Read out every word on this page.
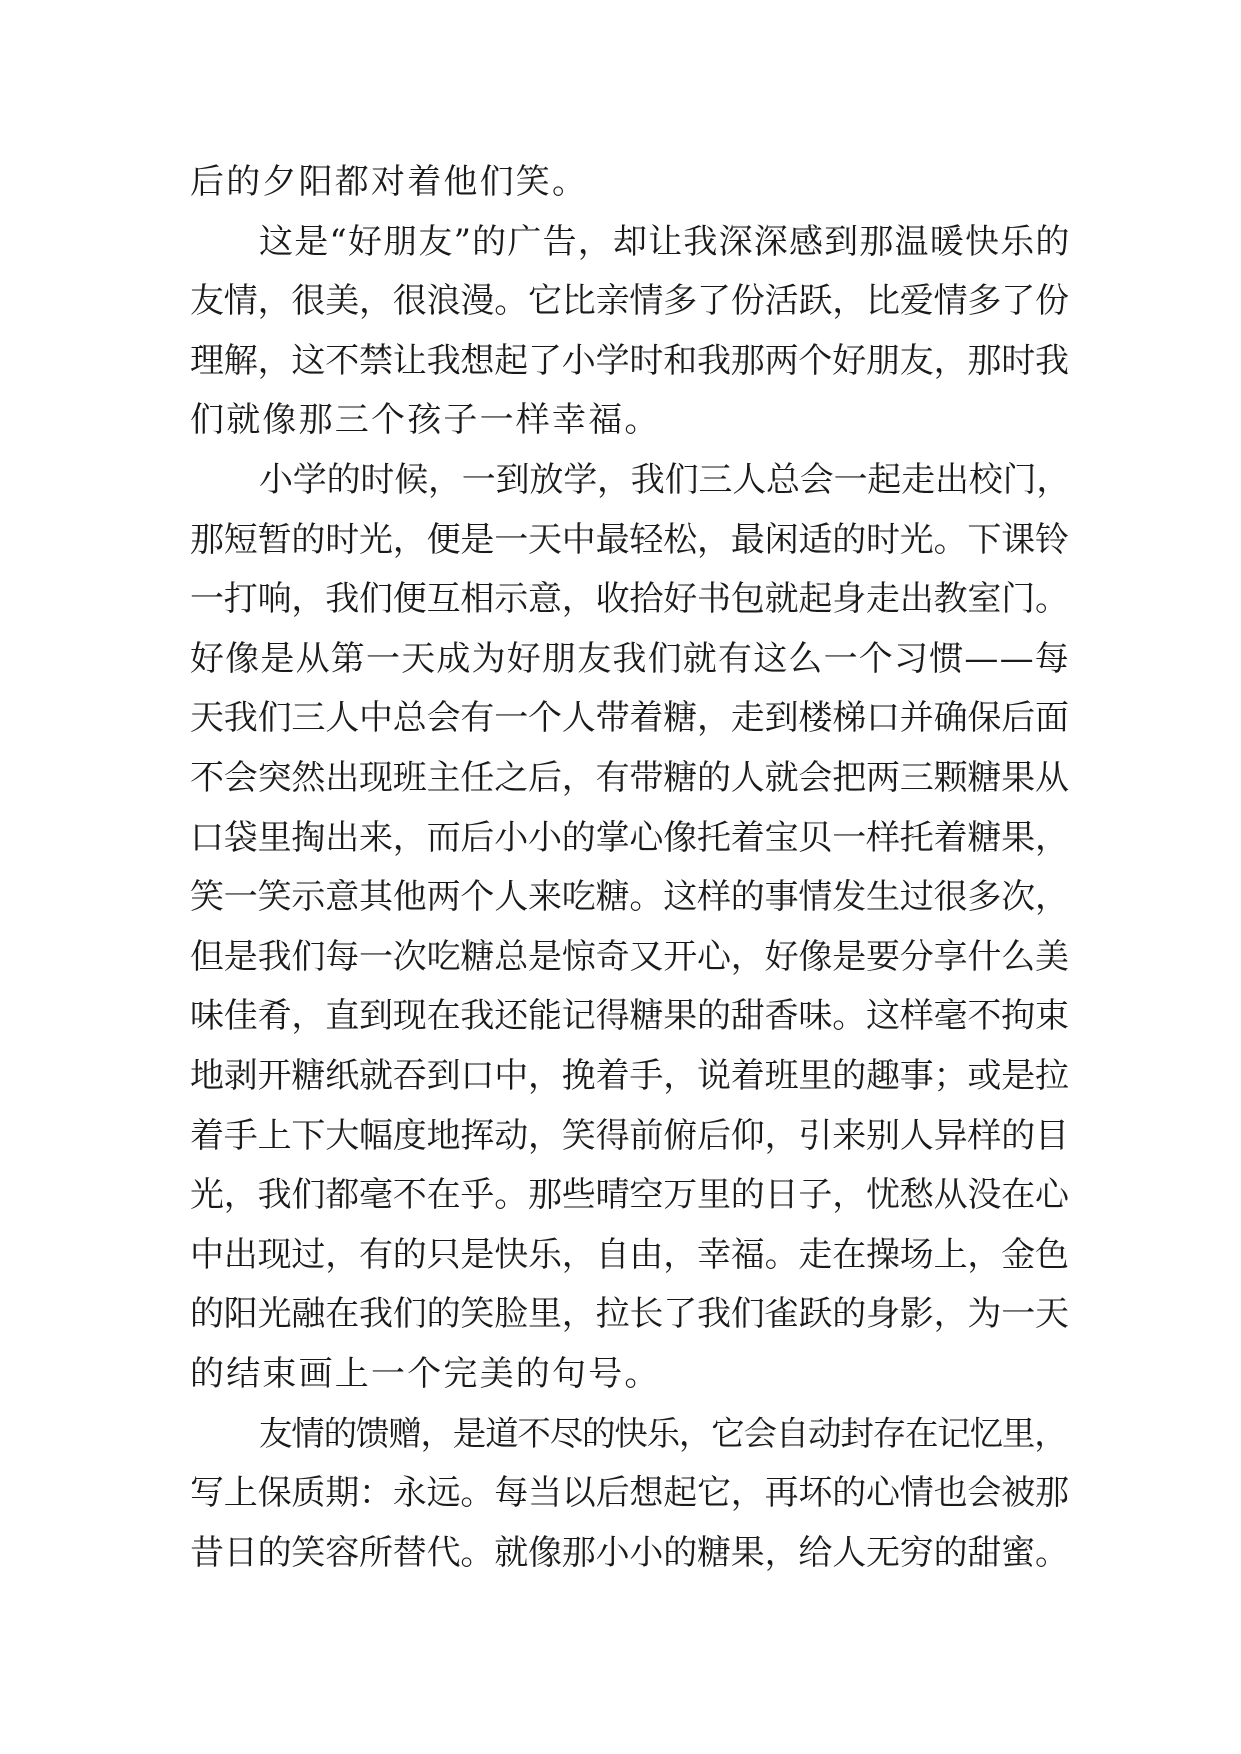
后的夕阳都对着他们笑。
这是“好朋友”的广告，却让我深深感到那温暖快乐的
友情，很美，很浪漫。它比亲情多了份活跃，比爱情多了份
理解，这不禁让我想起了小学时和我那两个好朋友，那时我
们就像那三个孩子一样幸福。
小学的时候，一到放学，我们三人总会一起走出校门，
那短暂的时光，便是一天中最轻松，最闲适的时光。下课铃
一打响，我们便互相示意，收拾好书包就起身走出教室门。
好像是从第一天成为好朋友我们就有这么一个习惯——每
天我们三人中总会有一个人带着糖，走到楼梯口并确保后面
不会突然出现班主任之后，有带糖的人就会把两三颗糖果从
口袋里掏出来，而后小小的掌心像托着宝贝一样托着糖果，
笑一笑示意其他两个人来吃糖。这样的事情发生过很多次，
但是我们每一次吃糖总是惊奇又开心，好像是要分享什么美
味佳肴，直到现在我还能记得糖果的甜香味。这样毫不拘束
地剥开糖纸就吞到口中，挽着手，说着班里的趣事；或是拉
着手上下大幅度地挥动，笑得前俯后仰，引来别人异样的目
光，我们都毫不在乎。那些晴空万里的日子，忧愁从没在心
中出现过，有的只是快乐，自由，幸福。走在操场上，金色
的阳光融在我们的笑脸里，拉长了我们雀跃的身影，为一天
的结束画上一个完美的句号。
友情的馈赠，是道不尽的快乐，它会自动封存在记忆里，
写上保质期：永远。每当以后想起它，再坏的心情也会被那
昔日的笑容所替代。就像那小小的糖果，给人无穷的甜蜜。
